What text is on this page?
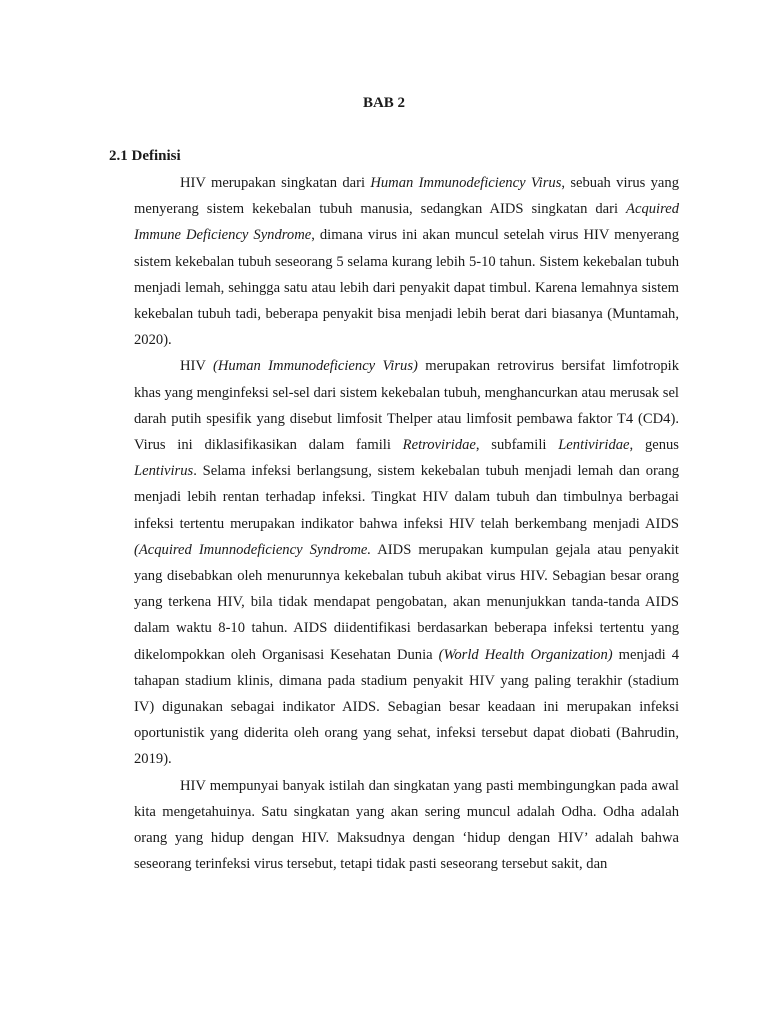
BAB 2
2.1 Definisi

HIV merupakan singkatan dari Human Immunodeficiency Virus, sebuah virus yang menyerang sistem kekebalan tubuh manusia, sedangkan AIDS singkatan dari Acquired Immune Deficiency Syndrome, dimana virus ini akan muncul setelah virus HIV menyerang sistem kekebalan tubuh seseorang 5 selama kurang lebih 5-10 tahun. Sistem kekebalan tubuh menjadi lemah, sehingga satu atau lebih dari penyakit dapat timbul. Karena lemahnya sistem kekebalan tubuh tadi, beberapa penyakit bisa menjadi lebih berat dari biasanya (Muntamah, 2020).

HIV (Human Immunodeficiency Virus) merupakan retrovirus bersifat limfotropik khas yang menginfeksi sel-sel dari sistem kekebalan tubuh, menghancurkan atau merusak sel darah putih spesifik yang disebut limfosit Thelper atau limfosit pembawa faktor T4 (CD4). Virus ini diklasifikasikan dalam famili Retroviridae, subfamili Lentiviridae, genus Lentivirus. Selama infeksi berlangsung, sistem kekebalan tubuh menjadi lemah dan orang menjadi lebih rentan terhadap infeksi. Tingkat HIV dalam tubuh dan timbulnya berbagai infeksi tertentu merupakan indikator bahwa infeksi HIV telah berkembang menjadi AIDS (Acquired Imunnodeficiency Syndrome. AIDS merupakan kumpulan gejala atau penyakit yang disebabkan oleh menurunnya kekebalan tubuh akibat virus HIV. Sebagian besar orang yang terkena HIV, bila tidak mendapat pengobatan, akan menunjukkan tanda-tanda AIDS dalam waktu 8-10 tahun. AIDS diidentifikasi berdasarkan beberapa infeksi tertentu yang dikelompokkan oleh Organisasi Kesehatan Dunia (World Health Organization) menjadi 4 tahapan stadium klinis, dimana pada stadium penyakit HIV yang paling terakhir (stadium IV) digunakan sebagai indikator AIDS. Sebagian besar keadaan ini merupakan infeksi oportunistik yang diderita oleh orang yang sehat, infeksi tersebut dapat diobati (Bahrudin, 2019).

HIV mempunyai banyak istilah dan singkatan yang pasti membingungkan pada awal kita mengetahuinya. Satu singkatan yang akan sering muncul adalah Odha. Odha adalah orang yang hidup dengan HIV. Maksudnya dengan ‘hidup dengan HIV’ adalah bahwa seseorang terinfeksi virus tersebut, tetapi tidak pasti seseorang tersebut sakit, dan
